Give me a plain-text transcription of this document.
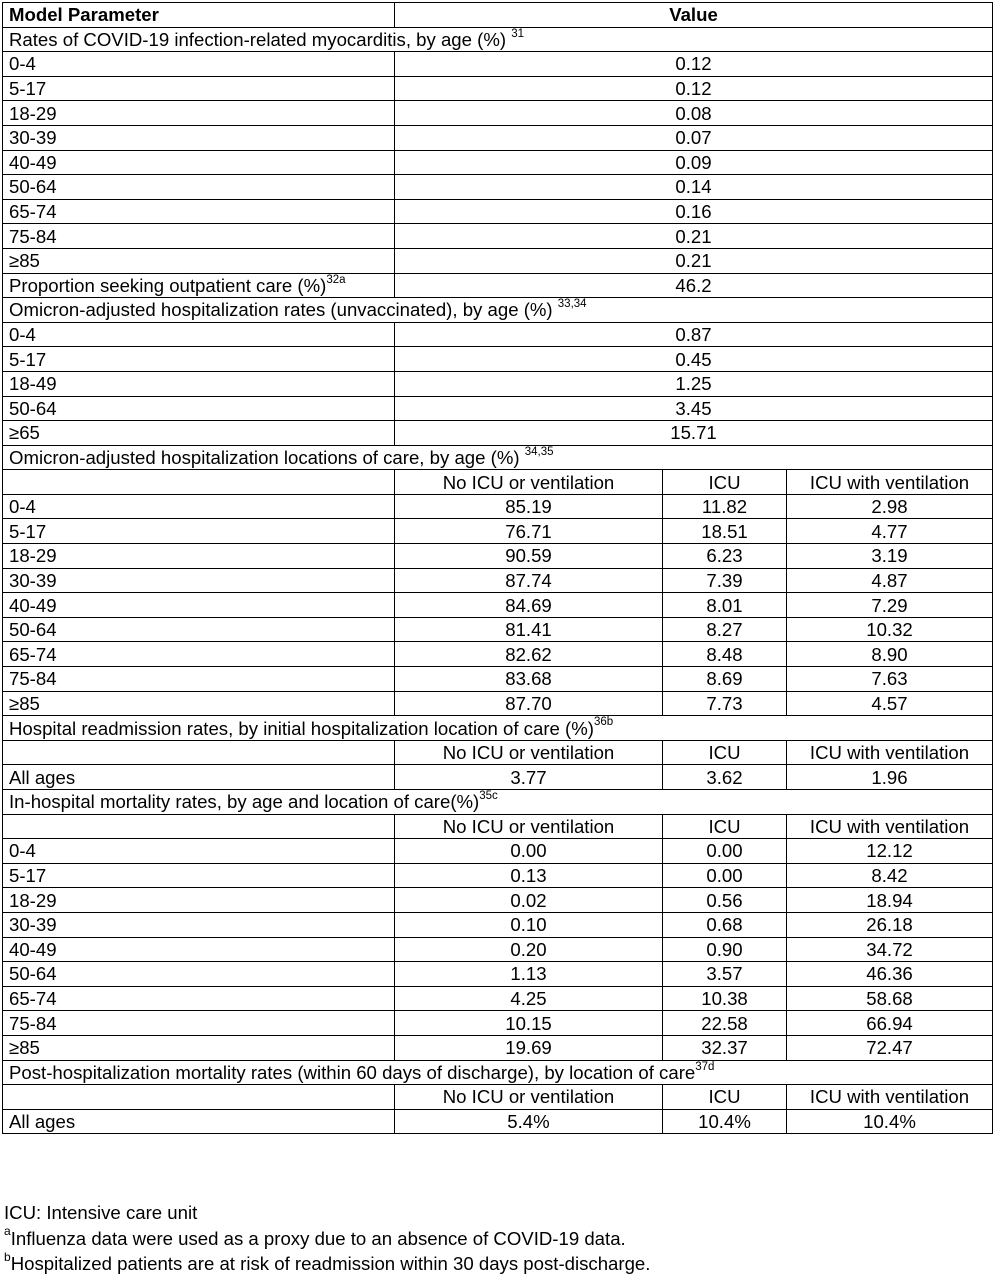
Model Parameter	Value		
Rates of COVID-19 infection-related myocarditis, by age (%) $^{31}$
0-4	0.12		
5-17	0.12		
18-29	0.08		
30-39	0.07		
40-49	0.09		
50-64	0.14		
65-74	0.16		
75-84	0.21		
≥85	0.21		
Proportion seeking outpatient care (%)$^{32a}$	46.2		
Omicron-adjusted hospitalization rates (unvaccinated), by age (%) $^{33,34}$
0-4	0.87		
5-17	0.45		
18-49	1.25		
50-64	3.45		
≥65	15.71		
Omicron-adjusted hospitalization locations of care, by age (%) $^{34,35}$
	No ICU or ventilation	ICU	ICU with ventilation
0-4	85.19	11.82	2.98
5-17	76.71	18.51	4.77
18-29	90.59	6.23	3.19
30-39	87.74	7.39	4.87
40-49	84.69	8.01	7.29
50-64	81.41	8.27	10.32
65-74	82.62	8.48	8.90
75-84	83.68	8.69	7.63
≥85	87.70	7.73	4.57
Hospital readmission rates, by initial hospitalization location of care (%)$^{36b}$
	No ICU or ventilation	ICU	ICU with ventilation
All ages	3.77	3.62	1.96
In-hospital mortality rates, by age and location of care(%)$^{35c}$
	No ICU or ventilation	ICU	ICU with ventilation
0-4	0.00	0.00	12.12
5-17	0.13	0.00	8.42
18-29	0.02	0.56	18.94
30-39	0.10	0.68	26.18
40-49	0.20	0.90	34.72
50-64	1.13	3.57	46.36
65-74	4.25	10.38	58.68
75-84	10.15	22.58	66.94
≥85	19.69	32.37	72.47
Post-hospitalization mortality rates (within 60 days of discharge), by location of care$^{37d}$
	No ICU or ventilation	ICU	ICU with ventilation
All ages	5.4%	10.4%	10.4%
ICU: Intensive care unit
$^a$Influenza data were used as a proxy due to an absence of COVID-19 data.
$^b$Hospitalized patients are at risk of readmission within 30 days post-discharge.
